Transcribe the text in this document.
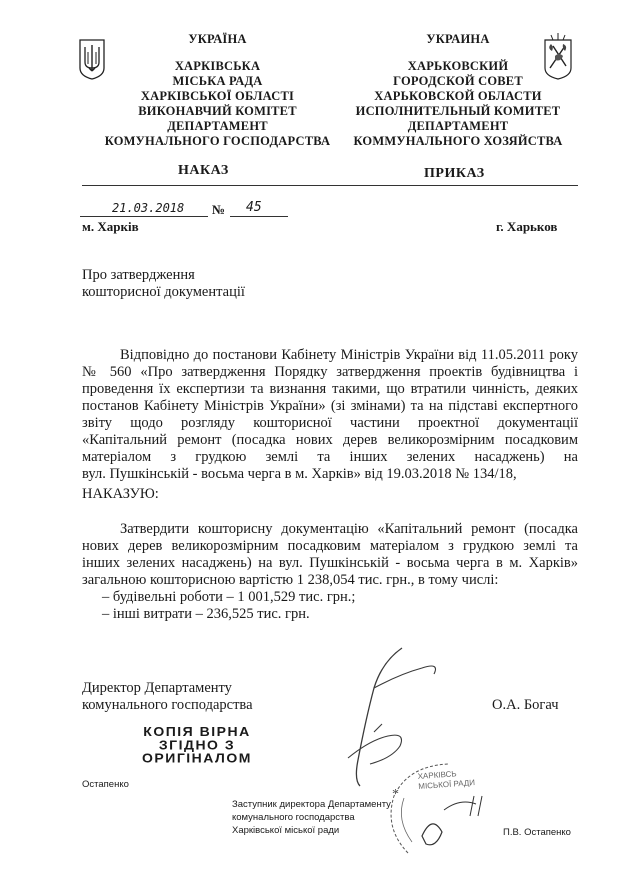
УКРАЇНА
ХАРКІВСЬКА
МІСЬКА РАДА
ХАРКІВСЬКОЇ ОБЛАСТІ
ВИКОНАВЧИЙ КОМІТЕТ
ДЕПАРТАМЕНТ
КОМУНАЛЬНОГО ГОСПОДАРСТВА
УКРАИНА
ХАРЬКОВСКИЙ
ГОРОДСКОЙ СОВЕТ
ХАРЬКОВСКОЙ ОБЛАСТИ
ИСПОЛНИТЕЛЬНЫЙ КОМИТЕТ
ДЕПАРТАМЕНТ
КОММУНАЛЬНОГО ХОЗЯЙСТВА
НАКАЗ	ПРИКАЗ
21.03.2018 № 45
м. Харків	г. Харьков
Про затвердження
кошторисної документації
Відповідно до постанови Кабінету Міністрів України від 11.05.2011 року
№ 560 «Про затвердження Порядку затвердження проектів будівництва і
проведення їх експертизи та визнання такими, що втратили чинність, деяких
постанов Кабінету Міністрів України» (зі змінами) та на підставі експертного
звіту щодо розгляду кошторисної частини проектної документації
«Капітальний ремонт (посадка нових дерев великорозмірним посадковим
матеріалом з грудкою землі та інших зелених насаджень) на
вул. Пушкінській - восьма черга в м. Харків» від 19.03.2018 № 134/18,
НАКАЗУЮ:
Затвердити кошторисну документацію «Капітальний ремонт (посадка
нових дерев великорозмірним посадковим матеріалом з грудкою землі та
інших зелених насаджень) на вул. Пушкінській - восьма черга в м. Харків»
загальною кошторисною вартістю 1 238,054 тис. грн., в тому числі:
– будівельні роботи – 1 001,529 тис. грн.;
– інші витрати – 236,525 тис. грн.
Директор Департаменту
комунального господарства	О.А. Богач
КОПІЯ ВІРНА
ЗГІДНО З
ОРИГІНАЛОМ
Остапенко
Заступник директора Департаменту
комунального господарства
Харківської міської ради	П.В. Остапенко
*
ХАРКІВСЬ
МІСЬКОЇ РАДИ
